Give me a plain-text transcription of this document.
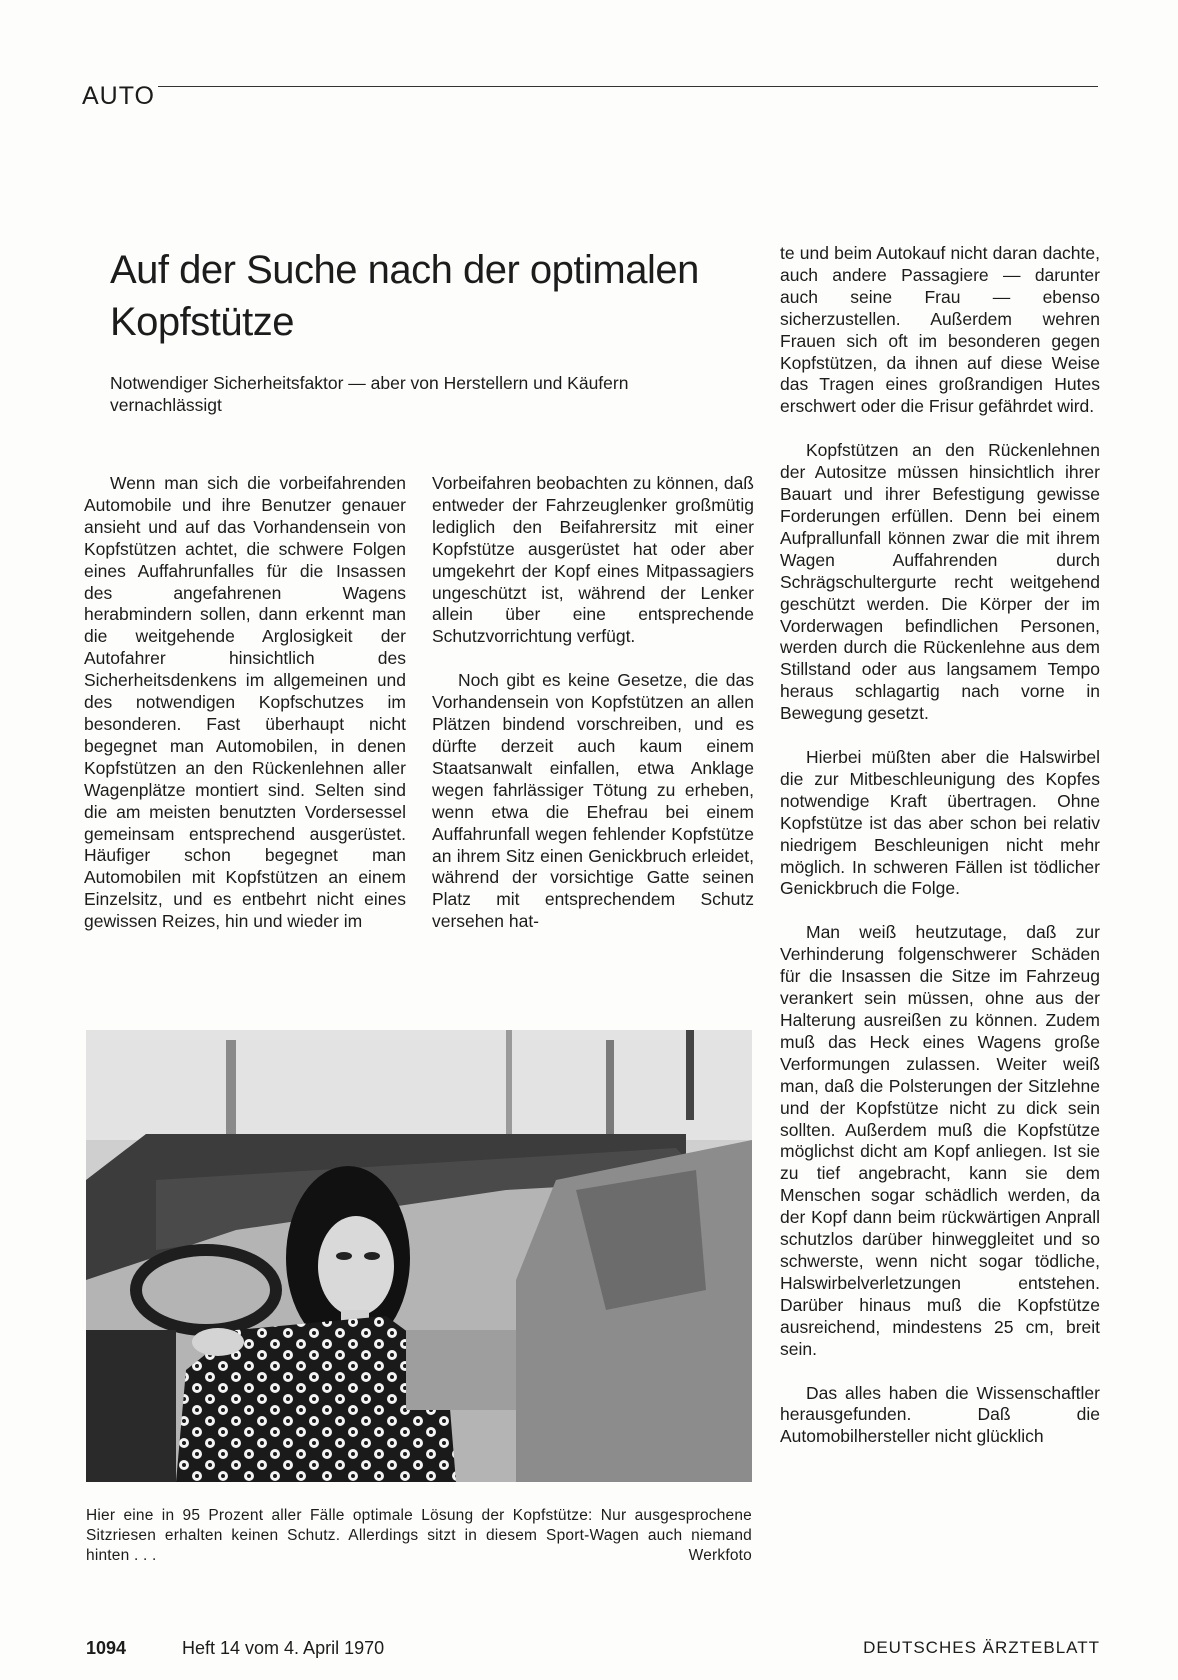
AUTO
Auf der Suche nach der optimalen Kopfstütze

Notwendiger Sicherheitsfaktor — aber von Herstellern und Käufern vernachlässigt

Wenn man sich die vorbeifahrenden Automobile und ihre Benutzer genauer ansieht und auf das Vorhandensein von Kopfstützen achtet, die schwere Folgen eines Auffahrunfalles für die Insassen des angefahrenen Wagens herabmindern sollen, dann erkennt man die weitgehende Arglosigkeit der Autofahrer hinsichtlich des Sicherheitsdenkens im allgemeinen und des notwendigen Kopfschutzes im besonderen. Fast überhaupt nicht begegnet man Automobilen, in denen Kopfstützen an den Rückenlehnen aller Wagenplätze montiert sind. Selten sind die am meisten benutzten Vordersessel gemeinsam entsprechend ausgerüstet. Häufiger schon begegnet man Automobilen mit Kopfstützen an einem Einzelsitz, und es entbehrt nicht eines gewissen Reizes, hin und wieder im

Vorbeifahren beobachten zu können, daß entweder der Fahrzeuglenker großmütig lediglich den Beifahrersitz mit einer Kopfstütze ausgerüstet hat oder aber umgekehrt der Kopf eines Mitpassagiers ungeschützt ist, während der Lenker allein über eine entsprechende Schutzvorrichtung verfügt.

Noch gibt es keine Gesetze, die das Vorhandensein von Kopfstützen an allen Plätzen bindend vorschreiben, und es dürfte derzeit auch kaum einem Staatsanwalt einfallen, etwa Anklage wegen fahrlässiger Tötung zu erheben, wenn etwa die Ehefrau bei einem Auffahrunfall wegen fehlender Kopfstütze an ihrem Sitz einen Genickbruch erleidet, während der vorsichtige Gatte seinen Platz mit entsprechendem Schutz versehen hat-

te und beim Autokauf nicht daran dachte, auch andere Passagiere — darunter auch seine Frau — ebenso sicherzustellen. Außerdem wehren Frauen sich oft im besonderen gegen Kopfstützen, da ihnen auf diese Weise das Tragen eines großrandigen Hutes erschwert oder die Frisur gefährdet wird.

Kopfstützen an den Rückenlehnen der Autositze müssen hinsichtlich ihrer Bauart und ihrer Befestigung gewisse Forderungen erfüllen. Denn bei einem Aufprallunfall können zwar die mit ihrem Wagen Auffahrenden durch Schrägschultergurte recht weitgehend geschützt werden. Die Körper der im Vorderwagen befindlichen Personen, werden durch die Rückenlehne aus dem Stillstand oder aus langsamem Tempo heraus schlagartig nach vorne in Bewegung gesetzt.

Hierbei müßten aber die Halswirbel die zur Mitbeschleunigung des Kopfes notwendige Kraft übertragen. Ohne Kopfstütze ist das aber schon bei relativ niedrigem Beschleunigen nicht mehr möglich. In schweren Fällen ist tödlicher Genickbruch die Folge.

Man weiß heutzutage, daß zur Verhinderung folgenschwerer Schäden für die Insassen die Sitze im Fahrzeug verankert sein müssen, ohne aus der Halterung ausreißen zu können. Zudem muß das Heck eines Wagens große Verformungen zulassen. Weiter weiß man, daß die Polsterungen der Sitzlehne und der Kopfstütze nicht zu dick sein sollten. Außerdem muß die Kopfstütze möglichst dicht am Kopf anliegen. Ist sie zu tief angebracht, kann sie dem Menschen sogar schädlich werden, da der Kopf dann beim rückwärtigen Anprall schutzlos darüber hinweggleitet und so schwerste, wenn nicht sogar tödliche, Halswirbelverletzungen entstehen. Darüber hinaus muß die Kopfstütze ausreichend, mindestens 25 cm, breit sein.

Das alles haben die Wissenschaftler herausgefunden. Daß die Automobilhersteller nicht glücklich

Hier eine in 95 Prozent aller Fälle optimale Lösung der Kopfstütze: Nur ausgesprochene Sitzriesen erhalten keinen Schutz. Allerdings sitzt in diesem Sport-Wagen auch niemand hinten . . .	Werkfoto
1094	Heft 14 vom 4. April 1970	DEUTSCHES ÄRZTEBLATT
